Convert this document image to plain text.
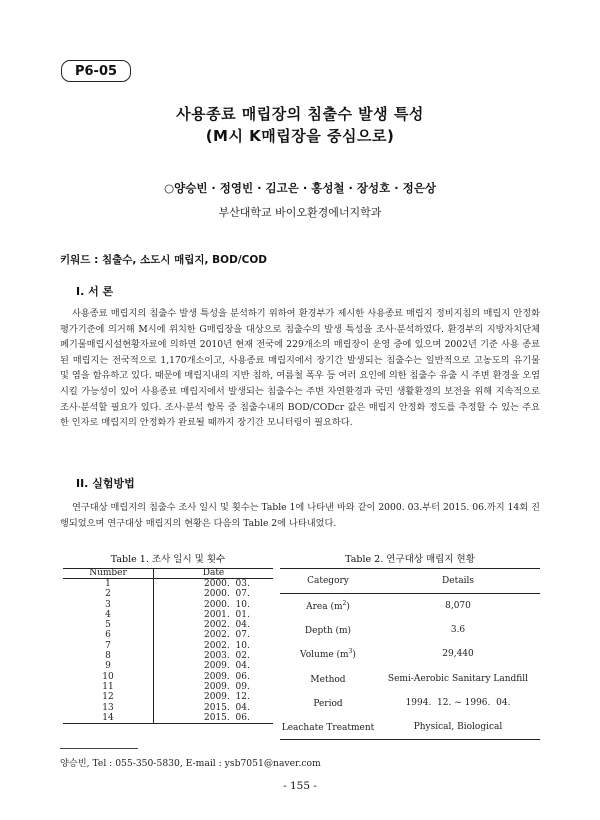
P6-05
사용종료 매립장의 침출수 발생 특성
(M시 K매립장을 중심으로)
○양승빈 · 정영빈 · 김고은 · 홍성철 · 장성호 · 정은상
부산대학교 바이오환경에너지학과
키워드 : 침출수, 소도시 매립지, BOD/COD
I. 서 론

사용종료 매립지의 침출수 발생 특성을 분석하기 위하여 환경부가 제시한 사용종료 매립지 정비지침의 매립지 안정화 평가기준에 의거해 M시에 위치한 G매립장을 대상으로 침출수의 발생 특성을 조사·분석하였다. 환경부의 지방자치단체 폐기물매립시설현황자료에 의하면 2010년 현재 전국에 229개소의 매립장이 운영 중에 있으며 2002년 기준 사용 종료된 매립지는 전국적으로 1,170개소이고, 사용종료 매립지에서 장기간 발생되는 침출수는 일반적으로 고농도의 유기물 및 염을 함유하고 있다. 때문에 매립지내의 지반 침하, 여름철 폭우 등 여러 요인에 의한 침출수 유출 시 주변 환경을 오염시킬 가능성이 있어 사용종료 매립지에서 발생되는 침출수는 주변 자연환경과 국민 생활환경의 보전을 위해 지속적으로 조사·분석할 필요가 있다. 조사·분석 항목 중 침출수내의 BOD/CODcr 값은 매립지 안정화 정도를 추정할 수 있는 주요한 인자로 매립지의 안정화가 완료될 때까지 장기간 모니터링이 필요하다.

II. 실험방법

연구대상 매립지의 침출수 조사 일시 및 횟수는 Table 1에 나타낸 바와 같이 2000. 03.부터 2015. 06.까지 14회 진행되었으며 연구대상 매립지의 현황은 다음의 Table 2에 나타내었다.

Table 1. 조사 일시 및 횟수
Number	Date
1	2000.  03.
2	2000.  07.
3	2000.  10.
4	2001.  01.
5	2002.  04.
6	2002.  07.
7	2002.  10.
8	2003.  02.
9	2009.  04.
10	2009.  06.
11	2009.  09.
12	2009.  12.
13	2015.  04.
14	2015.  06.
Table 2. 연구대상 매립지 현황
Category	Details
Area $(m^2)$	8,070
Depth (m)	3.6
Volume $(m^3)$	29,440
Method	Semi-Aerobic Sanitary Landfill
Period	1994.  12. ~ 1996.  04.
Leachate Treatment	Physical, Biological
양승빈, Tel : 055-350-5830, E-mail : ysb7051@naver.com
- 155 -
